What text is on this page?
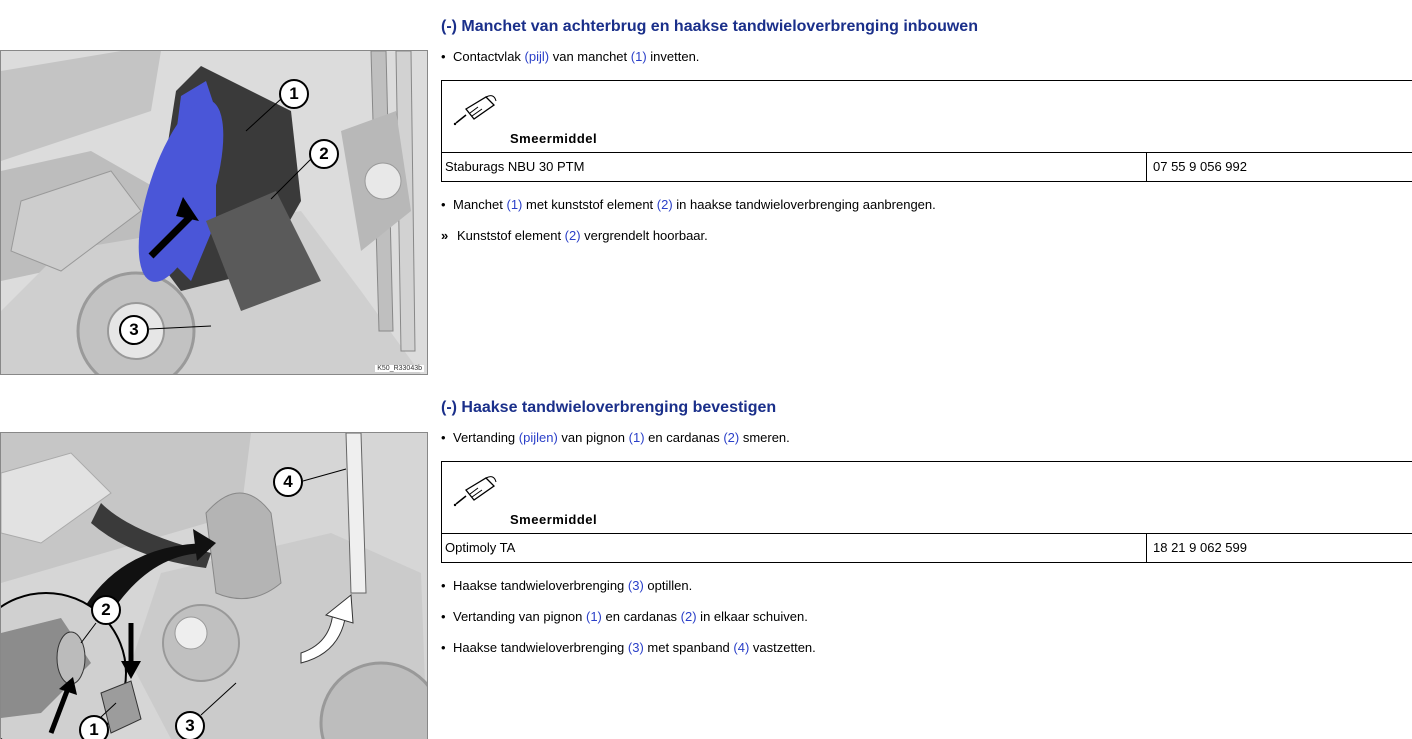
1
2
3
K50_R33043b
(-) Manchet van achterbrug en haakse tandwieloverbrenging inbouwen
• Contactvlak (pijl) van manchet (1) invetten.
Smeermiddel
Staburags NBU 30 PTM	07 55 9 056 992
• Manchet (1) met kunststof element (2) in haakse tandwieloverbrenging aanbrengen.
» Kunststof element (2) vergrendelt hoorbaar.
4
2
1	3
(-) Haakse tandwieloverbrenging bevestigen
• Vertanding (pijlen) van pignon (1) en cardanas (2) smeren.
Smeermiddel
Optimoly TA	18 21 9 062 599
• Haakse tandwieloverbrenging (3) optillen.
• Vertanding van pignon (1) en cardanas (2) in elkaar schuiven.
• Haakse tandwieloverbrenging (3) met spanband (4) vastzetten.
